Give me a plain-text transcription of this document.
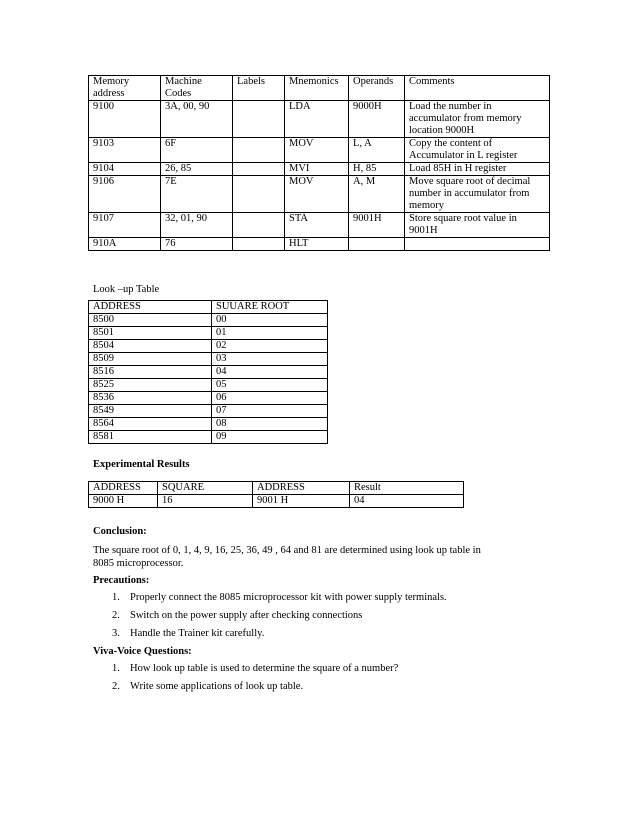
Memory address	Machine Codes	Labels	Mnemonics	Operands	Comments
9100	3A, 00, 90		LDA	9000H	Load the number in accumulator from memory location 9000H
9103	6F		MOV	L, A	Copy the content of Accumulator in L register
9104	26, 85		MVI	H, 85	Load 85H in H register
9106	7E		MOV	A, M	Move square root of decimal number in accumulator from memory
9107	32, 01, 90		STA	9001H	Store square root value in 9001H
910A	76		HLT		
Look –up Table
ADDRESS	SUUARE ROOT
8500	00
8501	01
8504	02
8509	03
8516	04
8525	05
8536	06
8549	07
8564	08
8581	09
Experimental Results
ADDRESS	SQUARE	ADDRESS	Result
9000 H	16	9001 H	04
Conclusion:
The square root of 0, 1, 4, 9, 16, 25, 36, 49 , 64 and 81 are determined using look up table in 8085 microprocessor.
Precautions:
1. Properly connect the 8085 microprocessor kit with power supply terminals.
2. Switch on the power supply after checking connections
3. Handle the Trainer kit carefully.
Viva-Voice Questions:
1. How look up table is used to determine the square of a number?
2. Write some applications of look up table.
